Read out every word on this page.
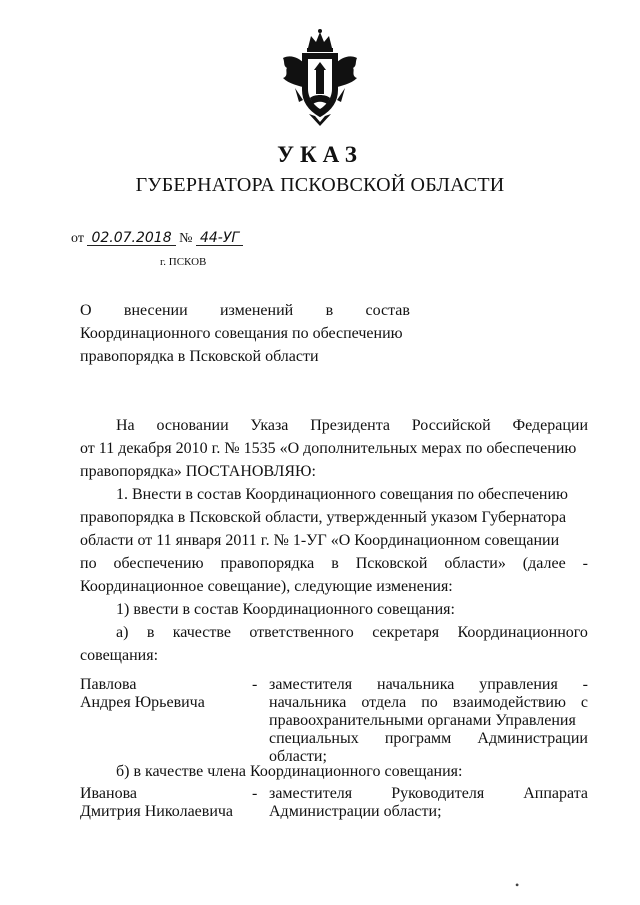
УКАЗ
ГУБЕРНАТОРА ПСКОВСКОЙ ОБЛАСТИ
от 02.07.2018 № 44-УГ
г. ПСКОВ
О внесении изменений в состав
Координационного совещания по обеспечению
правопорядка в Псковской области
На основании Указа Президента Российской Федерации
от 11 декабря 2010 г. № 1535 «О дополнительных мерах по обеспечению
правопорядка» ПОСТАНОВЛЯЮ:
1. Внести в состав Координационного совещания по обеспечению
правопорядка в Псковской области, утвержденный указом Губернатора
области от 11 января 2011 г. № 1-УГ «О Координационном совещании
по обеспечению правопорядка в Псковской области» (далее -
Координационное совещание), следующие изменения:
1) ввести в состав Координационного совещания:
а) в качестве ответственного секретаря Координационного
совещания:
Павлова
Андрея Юрьевича
- заместителя начальника управления -
начальника отдела по взаимодействию с
правоохранительными органами Управления
специальных программ Администрации
области;
б) в качестве члена Координационного совещания:
Иванова
Дмитрия Николаевича
- заместителя Руководителя Аппарата
Администрации области;
•
